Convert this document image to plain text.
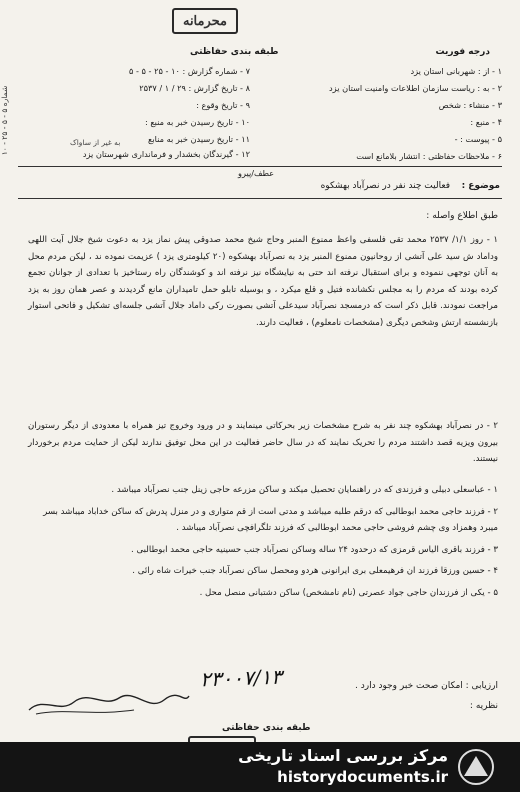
محرمانه
درجه فوریت
طبقه بندی حفاظتی
۱ - از : شهربانی استان یزد
۲ - به : ریاست سازمان اطلاعات وامنیت استان یزد
۳ - منشاء : شخص
۴ - منبع :
۵ - پیوست : -
۶ - ملاحظات حفاظتی : انتشار بلامانع است
۷ - شماره گزارش : ۱۰ - ۲۵ - ۵ - ۵
۸ - تاریخ گزارش : ۲۹ / ۱ / ۲۵۳۷
۹ - تاریخ وقوع :
۱۰ - تاریخ رسیدن خبر به منبع :
۱۱ - تاریخ رسیدن خبر به منابع
۱۲ - گیرندگان بخشدار و فرمانداری شهرستان یزد
شماره ۵ - ۵ - ۲۵ - ۱۰
به غیر از ساواک
عطف/پیرو
موضوع :
فعالیت چند نفر در نصرآباد بهشکوه
طبق اطلاع واصله :
۱ - روز ۱/۱/ ۲۵۳۷ محمد تقی فلسفی واعظ ممنوع المنبر وحاج شیخ محمد صدوقی پیش نماز یزد به دعوت شیخ جلال آیت اللهی وداماد ش سید علی آتشی از روحانیون ممنوع المنبر یزد به نصرآباد بهشکوه (۲۰ کیلومتری یزد ) عزیمت نموده ند ، لیکن مردم محل به آنان توجهی ننموده و برای استقبال نرفته اند حتی به نیایشگاه نیز نرفته اند و کوشندگان راه رستاخیز با تعدادی از جوانان تجمع کرده بودند که مردم را به مجلس نکشانده فتیل و قلع میکرد ، و بوسیله تابلو حمل تامیداران مانع گردیدند و عصر همان روز به یزد مراجعت نمودند. قابل ذکر است که درمسجد نصرآباد سیدعلی آتشی بصورت رکی داماد جلال آتشی جلسه‌ای تشکیل و فاتحی استوار بازنشسته ارتش وشخص دیگری (مشخصات نامعلوم) ، فعالیت دارند.
۲ - در نصرآباد بهشکوه چند نفر به شرح مشخصات زیر بحرکاتی مینمایند و در ورود وخروج تیز همراه با معدودی از دیگر رستوران بیرون ویزیه قصد داشتند مردم را تحریک نمایند که در سال حاضر فعالیت در این محل توفیق ندارند لیکن از حمایت مردم برخوردار نیستند.
۱ - عباسعلی دبیلی و فرزندی که در راهنمایان تحصیل میکند و ساکن مزرعه حاجی زینل جنب نصرآباد میباشد .
۲ - فرزند حاجی محمد ابوطالبی که درقم طلبه میباشد و مدتی است از قم متواری و در منزل پدرش که ساکن خداباد میباشد بسر میبرد وهمزاد وی چشم فروشی حاجی محمد ابوطالبی که فرزند تلگرافچی نصرآباد میباشد .
۳ - فرزند باقری الیاس قرمزی که درحدود ۲۴ ساله وساکن نصرآباد جنب حسینیه حاجی محمد ابوطالبی .
۴ - حسین ورزقا فرزند ان فرهیمعلی بری ایرانونی هردو ومحصل ساکن نصرآباد جنب خیرات شاه رائی .
۵ - یکی از فرزندان حاجی جواد عصرتی (نام نامشخص) ساکن دشتبانی منصل محل .
۲۳۰۰۷/۱۳	ارزیابی : امکان صحت خبر وجود دارد .
نظریه :
طبقه بندی حفاظتی
مرکز بررسی اسناد تاریخی
historydocuments.ir
